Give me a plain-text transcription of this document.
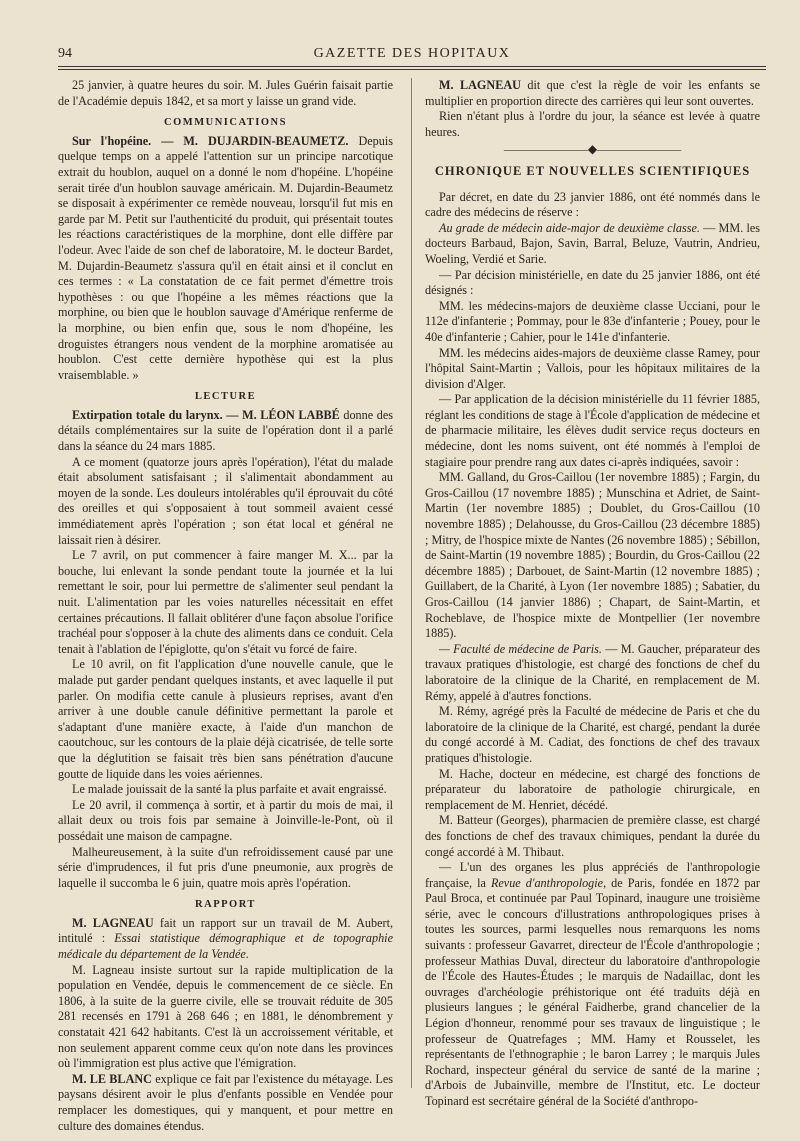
94	GAZETTE DES HOPITAUX

25 janvier, à quatre heures du soir. M. Jules Guérin faisait partie de l'Académie depuis 1842, et sa mort y laisse un grand vide.

COMMUNICATIONS

Sur l'hopéine. — M. DUJARDIN-BEAUMETZ. Depuis quelque temps on a appelé l'attention sur un principe narcotique extrait du houblon, auquel on a donné le nom d'hopéine. L'hopéine serait tirée d'un houblon sauvage américain. M. Dujardin-Beaumetz se disposait à expérimenter ce remède nouveau, lorsqu'il fut mis en garde par M. Petit sur l'authenticité du produit, qui présentait toutes les réactions caractéristiques de la morphine, dont elle diffère par l'odeur. Avec l'aide de son chef de laboratoire, M. le docteur Bardet, M. Dujardin-Beaumetz s'assura qu'il en était ainsi et il conclut en ces termes : « La constatation de ce fait permet d'émettre trois hypothèses : ou que l'hopéine a les mêmes réactions que la morphine, ou bien que le houblon sauvage d'Amérique renferme de la morphine, ou bien enfin que, sous le nom d'hopéine, les droguistes étrangers nous vendent de la morphine aromatisée au houblon. C'est cette dernière hypothèse qui est la plus vraisemblable. »

LECTURE

Extirpation totale du larynx. — M. LÉON LABBÉ donne des détails complémentaires sur la suite de l'opération dont il a parlé dans la séance du 24 mars 1885.

A ce moment (quatorze jours après l'opération), l'état du malade était absolument satisfaisant ; il s'alimentait abondamment au moyen de la sonde. Les douleurs intolérables qu'il éprouvait du côté des oreilles et qui s'opposaient à tout sommeil avaient cessé immédiatement après l'opération ; son état local et général ne laissait rien à désirer.

Le 7 avril, on put commencer à faire manger M. X... par la bouche, lui enlevant la sonde pendant toute la journée et la lui remettant le soir, pour lui permettre de s'alimenter seul pendant la nuit. L'alimentation par les voies naturelles nécessitait en effet certaines précautions. Il fallait oblitérer d'une façon absolue l'orifice trachéal pour s'opposer à la chute des aliments dans ce conduit. Cela tenait à l'ablation de l'épiglotte, qu'on s'était vu forcé de faire.

Le 10 avril, on fit l'application d'une nouvelle canule, que le malade put garder pendant quelques instants, et avec laquelle il put parler. On modifia cette canule à plusieurs reprises, avant d'en arriver à une double canule définitive permettant la parole et s'adaptant d'une manière exacte, à l'aide d'un manchon de caoutchouc, sur les contours de la plaie déjà cicatrisée, de telle sorte que la déglutition se faisait très bien sans pénétration d'aucune goutte de liquide dans les voies aériennes.

Le malade jouissait de la santé la plus parfaite et avait engraissé.

Le 20 avril, il commença à sortir, et à partir du mois de mai, il allait deux ou trois fois par semaine à Joinville-le-Pont, où il possédait une maison de campagne.

Malheureusement, à la suite d'un refroidissement causé par une série d'imprudences, il fut pris d'une pneumonie, aux progrès de laquelle il succomba le 6 juin, quatre mois après l'opération.

RAPPORT

M. LAGNEAU fait un rapport sur un travail de M. Aubert, intitulé : Essai statistique démographique et de topographie médicale du département de la Vendée.

M. Lagneau insiste surtout sur la rapide multiplication de la population en Vendée, depuis le commencement de ce siècle. En 1806, à la suite de la guerre civile, elle se trouvait réduite de 305 281 recensés en 1791 à 268 646 ; en 1881, le dénombrement y constatait 421 642 habitants. C'est là un accroissement véritable, et non seulement apparent comme ceux qu'on note dans les provinces où l'immigration est plus active que l'émigration.

M. LE BLANC explique ce fait par l'existence du métayage. Les paysans désirent avoir le plus d'enfants possible en Vendée pour remplacer les domestiques, qui y manquent, et pour mettre en culture des domaines étendus.

M. LAGNEAU dit que c'est la règle de voir les enfants se multiplier en proportion directe des carrières qui leur sont ouvertes.

Rien n'étant plus à l'ordre du jour, la séance est levée à quatre heures.

———————◆———————
CHRONIQUE ET NOUVELLES SCIENTIFIQUES

Par décret, en date du 23 janvier 1886, ont été nommés dans le cadre des médecins de réserve :

Au grade de médecin aide-major de deuxième classe. — MM. les docteurs Barbaud, Bajon, Savin, Barral, Beluze, Vautrin, Andrieu, Woeling, Verdié et Sarie.

— Par décision ministérielle, en date du 25 janvier 1886, ont été désignés :

MM. les médecins-majors de deuxième classe Ucciani, pour le 112e d'infanterie ; Pommay, pour le 83e d'infanterie ; Pouey, pour le 40e d'infanterie ; Cahier, pour le 141e d'infanterie.

MM. les médecins aides-majors de deuxième classe Ramey, pour l'hôpital Saint-Martin ; Vallois, pour les hôpitaux militaires de la division d'Alger.

— Par application de la décision ministérielle du 11 février 1885, réglant les conditions de stage à l'École d'application de médecine et de pharmacie militaire, les élèves dudit service reçus docteurs en médecine, dont les noms suivent, ont été nommés à l'emploi de stagiaire pour prendre rang aux dates ci-après indiquées, savoir :

MM. Galland, du Gros-Caillou (1er novembre 1885) ; Fargin, du Gros-Caillou (17 novembre 1885) ; Munschina et Adriet, de Saint-Martin (1er novembre 1885) ; Doublet, du Gros-Caillou (10 novembre 1885) ; Delahousse, du Gros-Caillou (23 décembre 1885) ; Mitry, de l'hospice mixte de Nantes (26 novembre 1885) ; Sébillon, de Saint-Martin (19 novembre 1885) ; Bourdin, du Gros-Caillou (22 décembre 1885) ; Darbouet, de Saint-Martin (12 novembre 1885) ; Guillabert, de la Charité, à Lyon (1er novembre 1885) ; Sabatier, du Gros-Caillou (14 janvier 1886) ; Chapart, de Saint-Martin, et Rocheblave, de l'hospice mixte de Montpellier (1er novembre 1885).

— Faculté de médecine de Paris. — M. Gaucher, préparateur des travaux pratiques d'histologie, est chargé des fonctions de chef du laboratoire de la clinique de la Charité, en remplacement de M. Rémy, appelé à d'autres fonctions.

M. Rémy, agrégé près la Faculté de médecine de Paris et che du laboratoire de la clinique de la Charité, est chargé, pendant la durée du congé accordé à M. Cadiat, des fonctions de chef des travaux pratiques d'histologie.

M. Hache, docteur en médecine, est chargé des fonctions de préparateur du laboratoire de pathologie chirurgicale, en remplacement de M. Henriet, décédé.

M. Batteur (Georges), pharmacien de première classe, est chargé des fonctions de chef des travaux chimiques, pendant la durée du congé accordé à M. Thibaut.

— L'un des organes les plus appréciés de l'anthropologie française, la Revue d'anthropologie, de Paris, fondée en 1872 par Paul Broca, et continuée par Paul Topinard, inaugure une troisième série, avec le concours d'illustrations anthropologiques prises à toutes les sources, parmi lesquelles nous remarquons les noms suivants : professeur Gavarret, directeur de l'École d'anthropologie ; professeur Mathias Duval, directeur du laboratoire d'anthropologie de l'École des Hautes-Études ; le marquis de Nadaillac, dont les ouvrages d'archéologie préhistorique ont été traduits déjà en plusieurs langues ; le général Faidherbe, grand chancelier de la Légion d'honneur, renommé pour ses travaux de linguistique ; le professeur de Quatrefages ; MM. Hamy et Rousselet, les représentants de l'ethnographie ; le baron Larrey ; le marquis Jules Rochard, inspecteur général du service de santé de la marine ; d'Arbois de Jubainville, membre de l'Institut, etc. Le docteur Topinard est secrétaire général de la Société d'anthropo-
